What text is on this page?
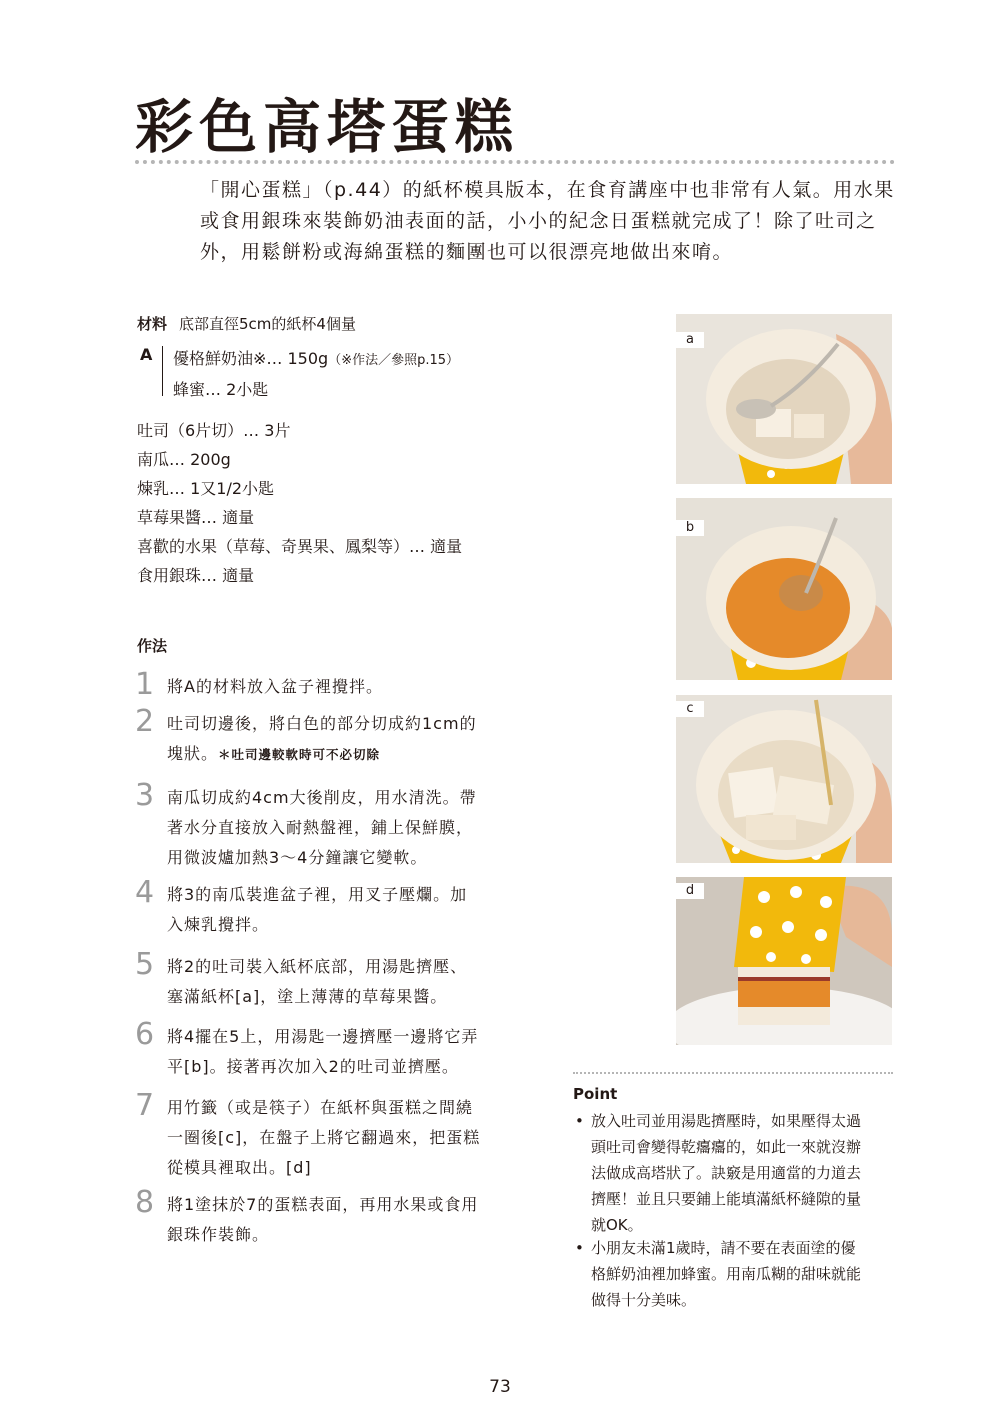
彩色高塔蛋糕

「開心蛋糕」（p.44）的紙杯模具版本，在食育講座中也非常有人氣。用水果

或食用銀珠來裝飾奶油表面的話，小小的紀念日蛋糕就完成了！除了吐司之

外，用鬆餅粉或海綿蛋糕的麵團也可以很漂亮地做出來唷。

材料 底部直徑5cm的紙杯4個量
A 優格鮮奶油※… 150g（※作法／參照p.15）
蜂蜜… 2小匙
吐司（6片切）… 3片
南瓜… 200g
煉乳… 1又1/2小匙
草莓果醬… 適量
喜歡的水果（草莓、奇異果、鳳梨等）… 適量
食用銀珠… 適量
作法
1 將A的材料放入盆子裡攪拌。
2 吐司切邊後，將白色的部分切成約1cm的
塊狀。＊吐司邊較軟時可不必切除
3 南瓜切成約4cm大後削皮，用水清洗。帶
著水分直接放入耐熱盤裡，鋪上保鮮膜，
用微波爐加熱3～4分鐘讓它變軟。
4 將3的南瓜裝進盆子裡，用叉子壓爛。加
入煉乳攪拌。
5 將2的吐司裝入紙杯底部，用湯匙擠壓、
塞滿紙杯[a]，塗上薄薄的草莓果醬。
6 將4擺在5上，用湯匙一邊擠壓一邊將它弄
平[b]。接著再次加入2的吐司並擠壓。
7 用竹籤（或是筷子）在紙杯與蛋糕之間繞
一圈後[c]，在盤子上將它翻過來，把蛋糕
從模具裡取出。[d]
8 將1塗抹於7的蛋糕表面，再用水果或食用
銀珠作裝飾。
a
b
c
d
Point
• 放入吐司並用湯匙擠壓時，如果壓得太過
頭吐司會變得乾癟癟的，如此一來就沒辦
法做成高塔狀了。訣竅是用適當的力道去
擠壓！並且只要鋪上能填滿紙杯縫隙的量
就OK。
• 小朋友未滿1歲時，請不要在表面塗的優
格鮮奶油裡加蜂蜜。用南瓜糊的甜味就能
做得十分美味。
73
